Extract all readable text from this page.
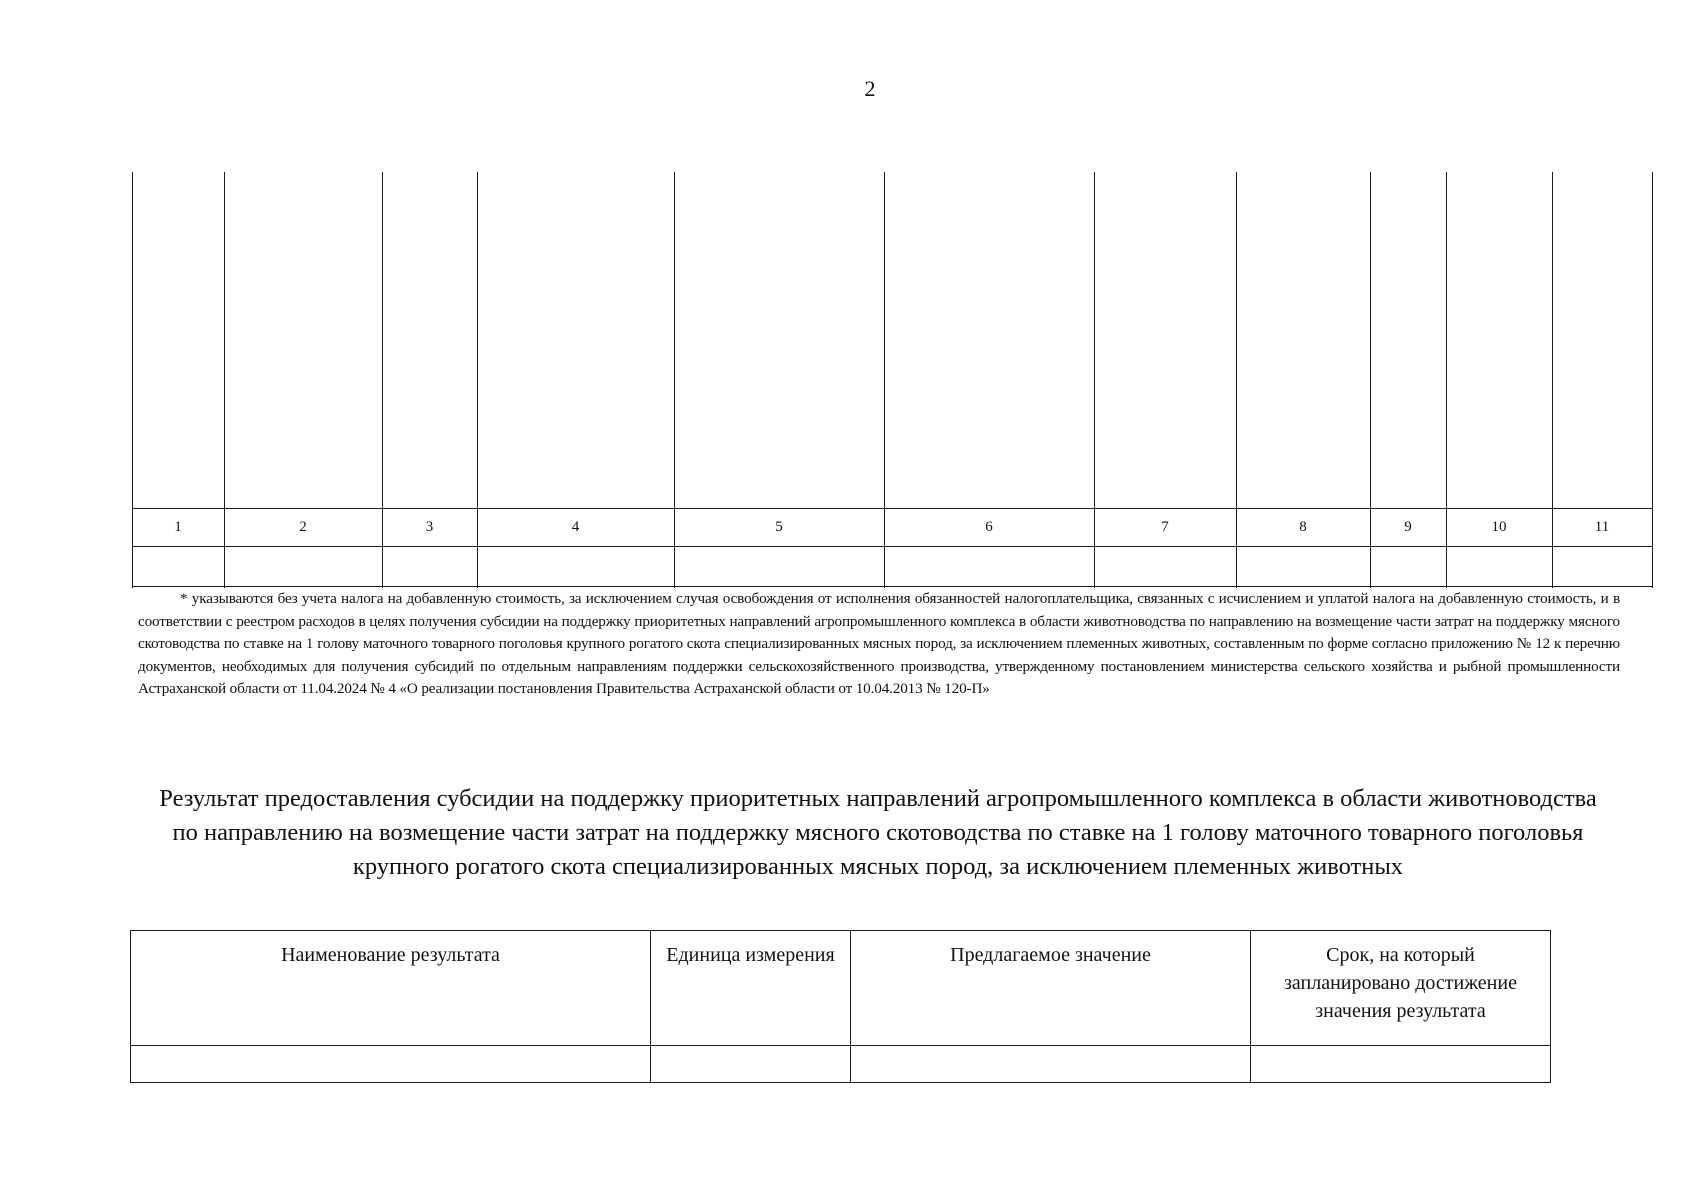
2
1	2	3	4	5	6	7	8	9	10	11
* указываются без учета налога на добавленную стоимость, за исключением случая освобождения от исполнения обязанностей налогоплательщика, связанных с исчислением и уплатой налога на добавленную стоимость, и в соответствии с реестром расходов в целях получения субсидии на поддержку приоритетных направлений агропромышленного комплекса в области животноводства по направлению на возмещение части затрат на поддержку мясного скотоводства по ставке на 1 голову маточного товарного поголовья крупного рогатого скота специализированных мясных пород, за исключением племенных животных, составленным по форме согласно приложению № 12 к перечню документов, необходимых для получения субсидий по отдельным направлениям поддержки сельскохозяйственного производства, утвержденному постановлением министерства сельского хозяйства и рыбной промышленности Астраханской области от 11.04.2024 № 4 «О реализации постановления Правительства Астраханской области от 10.04.2013 № 120-П»
Результат предоставления субсидии на поддержку приоритетных направлений агропромышленного комплекса в области животноводства по направлению на возмещение части затрат на поддержку мясного скотоводства по ставке на 1 голову маточного товарного поголовья крупного рогатого скота специализированных мясных пород, за исключением племенных животных
Наименование результата	Единица измерения	Предлагаемое значение	Срок, на который запланировано достижение значения результата
